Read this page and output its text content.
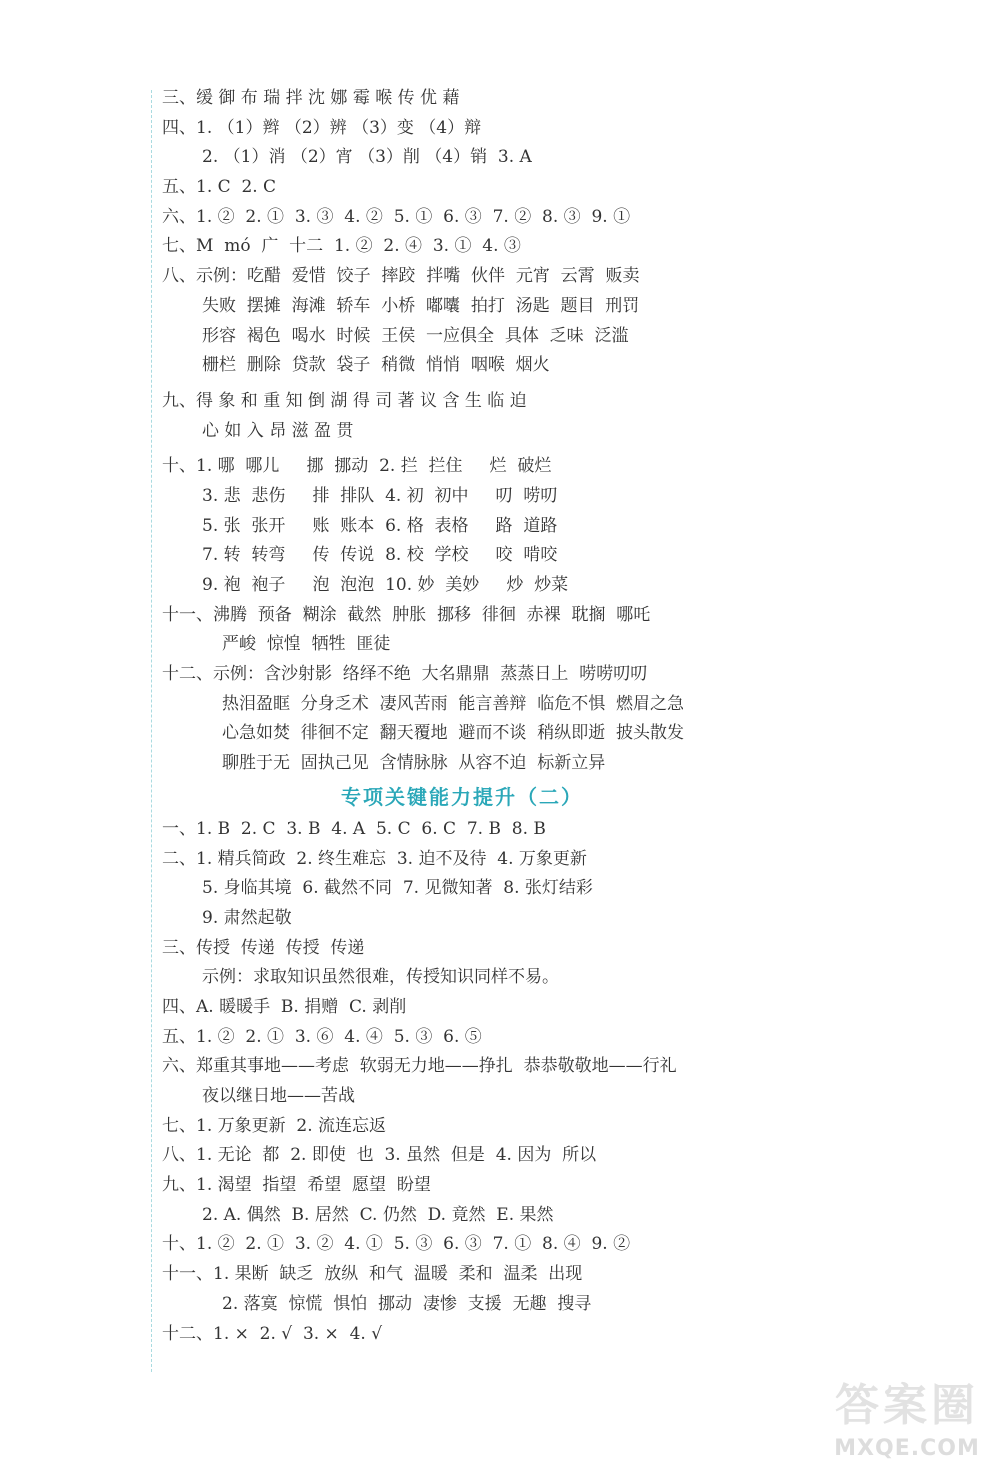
三、缓 御 布 瑞 拌 沈 娜 霉 喉 传 优 藉
四、1. （1）辫 （2）辨 （3）变 （4）辩
2. （1）消 （2）宵 （3）削 （4）销  3. A
五、1. C  2. C
六、1. ②  2. ①  3. ③  4. ②  5. ①  6. ③  7. ②  8. ③  9. ①
七、M  mó  广  十二  1. ②  2. ④  3. ①  4. ③
八、示例：吃醋  爱惜  饺子  摔跤  拌嘴  伙伴  元宵  云霄  贩卖
失败  摆摊  海滩  轿车  小桥  嘟囔  拍打  汤匙  题目  刑罚
形容  褐色  喝水  时候  王侯  一应俱全  具体  乏味  泛滥
栅栏  删除  贷款  袋子  稍微  悄悄  咽喉  烟火
九、得 象 和 重 知 倒 湖 得 司 著 议 含 生 临 迫
心 如 入 昂 滋 盈 贯
十、1. 哪  哪儿     挪  挪动  2. 拦  拦住     烂  破烂
3. 悲  悲伤     排  排队  4. 初  初中     叨  唠叨
5. 张  张开     账  账本  6. 格  表格     路  道路
7. 转  转弯     传  传说  8. 校  学校     咬  啃咬
9. 袍  袍子     泡  泡泡  10. 妙  美妙     炒  炒菜
十一、沸腾  预备  糊涂  截然  肿胀  挪移  徘徊  赤裸  耽搁  哪吒
严峻  惊惶  牺牲  匪徒
十二、示例：含沙射影  络绎不绝  大名鼎鼎  蒸蒸日上  唠唠叨叨
热泪盈眶  分身乏术  凄风苦雨  能言善辩  临危不惧  燃眉之急
心急如焚  徘徊不定  翻天覆地  避而不谈  稍纵即逝  披头散发
聊胜于无  固执己见  含情脉脉  从容不迫  标新立异
专项关键能力提升（二）
一、1. B  2. C  3. B  4. A  5. C  6. C  7. B  8. B
二、1. 精兵简政  2. 终生难忘  3. 迫不及待  4. 万象更新
5. 身临其境  6. 截然不同  7. 见微知著  8. 张灯结彩
9. 肃然起敬
三、传授  传递  传授  传递
示例：求取知识虽然很难，传授知识同样不易。
四、A. 暖暖手  B. 捐赠  C. 剥削
五、1. ②  2. ①  3. ⑥  4. ④  5. ③  6. ⑤
六、郑重其事地——考虑  软弱无力地——挣扎  恭恭敬敬地——行礼
夜以继日地——苦战
七、1. 万象更新  2. 流连忘返
八、1. 无论  都  2. 即使  也  3. 虽然  但是  4. 因为  所以
九、1. 渴望  指望  希望  愿望  盼望
2. A. 偶然  B. 居然  C. 仍然  D. 竟然  E. 果然
十、1. ②  2. ①  3. ②  4. ①  5. ③  6. ③  7. ①  8. ④  9. ②
十一、1. 果断  缺乏  放纵  和气  温暖  柔和  温柔  出现
2. 落寞  惊慌  惧怕  挪动  凄惨  支援  无趣  搜寻
十二、1. ×  2. √  3. ×  4. √
答案圈
MXQE.COM
